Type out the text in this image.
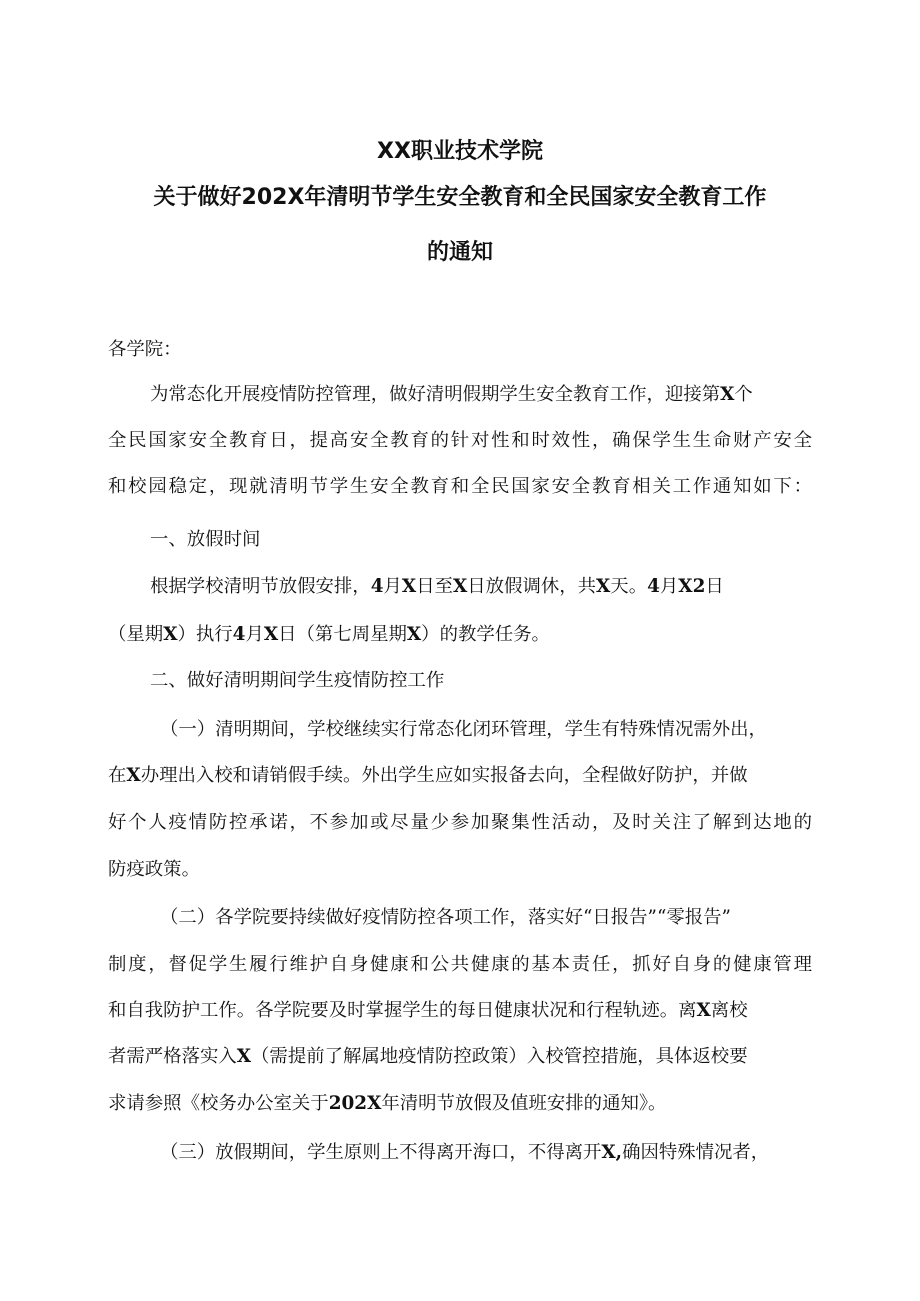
XX职业技术学院
关于做好202X年清明节学生安全教育和全民国家安全教育工作
的通知

各学院：

为常态化开展疫情防控管理，做好清明假期学生安全教育工作，迎接第X个

全民国家安全教育日，提高安全教育的针对性和时效性，确保学生生命财产安全

和校园稳定，现就清明节学生安全教育和全民国家安全教育相关工作通知如下：

一、放假时间

根据学校清明节放假安排，4月X日至X日放假调休，共X天。4月X2日

（星期X）执行4月X日（第七周星期X）的教学任务。

二、做好清明期间学生疫情防控工作

（一）清明期间，学校继续实行常态化闭环管理，学生有特殊情况需外出，

在X办理出入校和请销假手续。外出学生应如实报备去向，全程做好防护，并做

好个人疫情防控承诺，不参加或尽量少参加聚集性活动，及时关注了解到达地的

防疫政策。

（二）各学院要持续做好疫情防控各项工作，落实好“日报告”“零报告”

制度，督促学生履行维护自身健康和公共健康的基本责任，抓好自身的健康管理

和自我防护工作。各学院要及时掌握学生的每日健康状况和行程轨迹。离X离校

者需严格落实入X（需提前了解属地疫情防控政策）入校管控措施，具体返校要

求请参照《校务办公室关于202X年清明节放假及值班安排的通知》。

（三）放假期间，学生原则上不得离开海口，不得离开X,确因特殊情况者，
